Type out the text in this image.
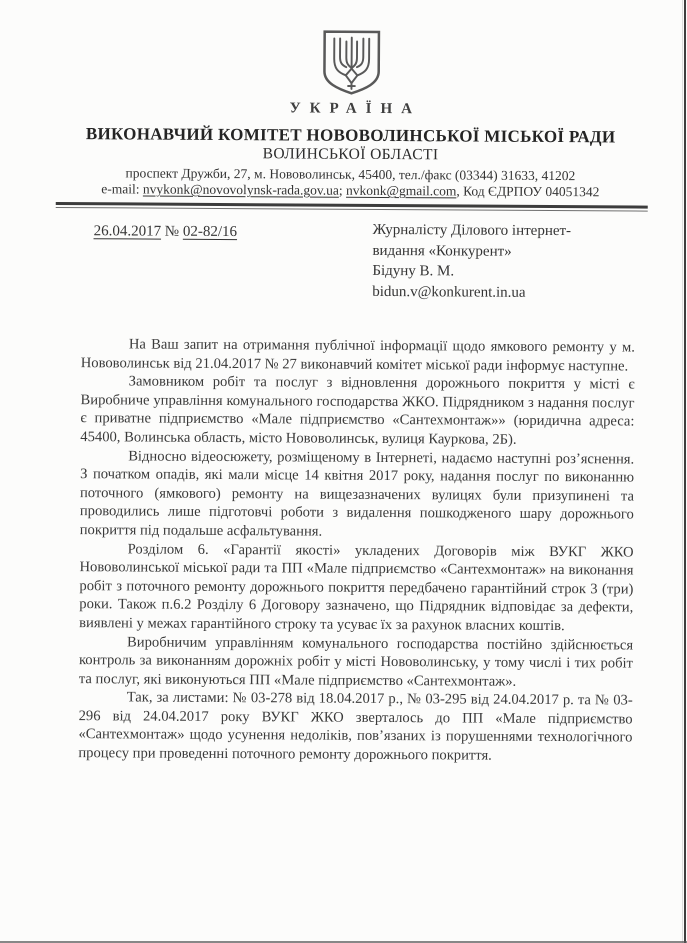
УКРАЇНА
ВИКОНАВЧИЙ КОМІТЕТ НОВОВОЛИНСЬКОЇ МІСЬКОЇ РАДИ
ВОЛИНСЬКОЇ ОБЛАСТІ
проспект Дружби, 27, м. Нововолинськ, 45400, тел./факс (03344) 31633, 41202
e-mail: nvykonk@novovolynsk-rada.gov.ua; nvkonk@gmail.com, Код ЄДРПОУ 04051342
26.04.2017 № 02-82/16	Журналісту Ділового інтернет-
видання «Конкурент»
Бідуну В. М.
bidun.v@konkurent.in.ua

На Ваш запит на отримання публічної інформації щодо ямкового ремонту у м. Нововолинськ від 21.04.2017 № 27 виконавчий комітет міської ради інформує наступне.

Замовником робіт та послуг з відновлення дорожнього покриття у місті є Виробниче управління комунального господарства ЖКО. Підрядником з надання послуг є приватне підприємство «Мале підприємство «Сантехмонтаж»» (юридична адреса: 45400, Волинська область, місто Нововолинськ, вулиця Кауркова, 2Б).

Відносно відеосюжету, розміщеному в Інтернеті, надаємо наступні роз’яснення. З початком опадів, які мали місце 14 квітня 2017 року, надання послуг по виконанню поточного (ямкового) ремонту на вищезазначених вулицях були призупинені та проводились лише підготовчі роботи з видалення пошкодженого шару дорожнього покриття під подальше асфальтування.

Розділом 6. «Гарантії якості» укладених Договорів між ВУКГ ЖКО Нововолинської міської ради та ПП «Мале підприємство «Сантехмонтаж» на виконання робіт з поточного ремонту дорожнього покриття передбачено гарантійний строк 3 (три) роки. Також п.6.2 Розділу 6 Договору зазначено, що Підрядник відповідає за дефекти, виявлені у межах гарантійного строку та усуває їх за рахунок власних коштів.

Виробничим управлінням комунального господарства постійно здійснюється контроль за виконанням дорожніх робіт у місті Нововолинську, у тому числі і тих робіт та послуг, які виконуються ПП «Мале підприємство «Сантехмонтаж».

Так, за листами: № 03-278 від 18.04.2017 р., № 03-295 від 24.04.2017 р. та № 03-296 від 24.04.2017 року ВУКГ ЖКО зверталось до ПП «Мале підприємство «Сантехмонтаж» щодо усунення недоліків, пов’язаних із порушеннями технологічного процесу при проведенні поточного ремонту дорожнього покриття.
